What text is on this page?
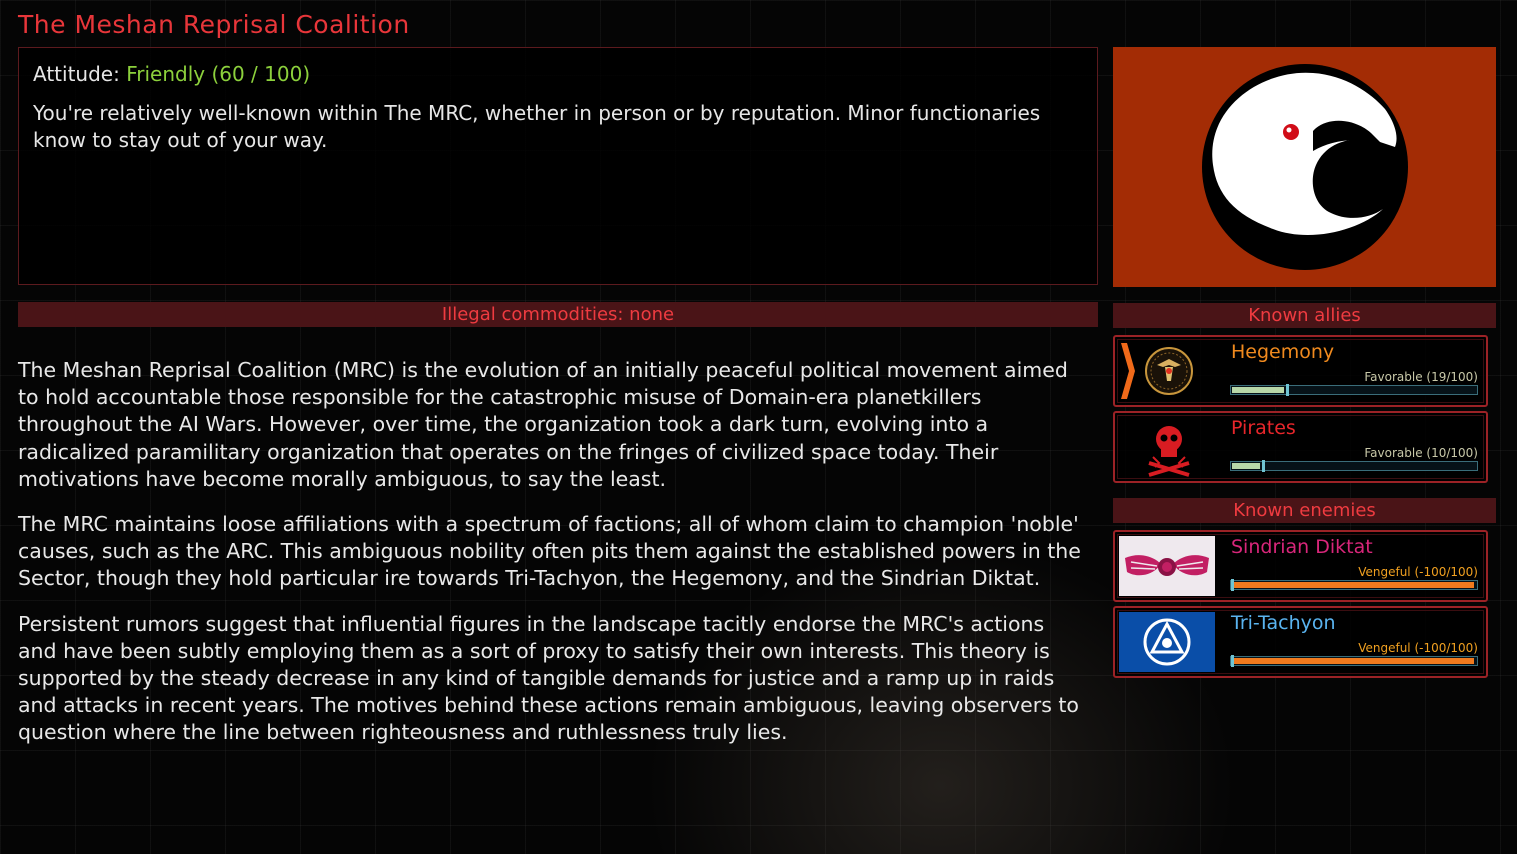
The Meshan Reprisal Coalition
Attitude: Friendly (60 / 100)
You're relatively well-known within The MRC, whether in person or by reputation. Minor functionaries know to stay out of your way.
Illegal commodities: none

The Meshan Reprisal Coalition (MRC) is the evolution of an initially peaceful political movement aimed to hold accountable those responsible for the catastrophic misuse of Domain-era planetkillers throughout the AI Wars. However, over time, the organization took a dark turn, evolving into a radicalized paramilitary organization that operates on the fringes of civilized space today. Their motivations have become morally ambiguous, to say the least.

The MRC maintains loose affiliations with a spectrum of factions; all of whom claim to champion 'noble' causes, such as the ARC. This ambiguous nobility often pits them against the established powers in the Sector, though they hold particular ire towards Tri-Tachyon, the Hegemony, and the Sindrian Diktat.

Persistent rumors suggest that influential figures in the landscape tacitly endorse the MRC's actions and have been subtly employing them as a sort of proxy to satisfy their own interests. This theory is supported by the steady decrease in any kind of tangible demands for justice and a ramp up in raids and attacks in recent years. The motives behind these actions remain ambiguous, leaving observers to question where the line between righteousness and ruthlessness truly lies.

Known allies
Hegemony
Favorable (19/100)
Pirates
Favorable (10/100)
Known enemies
Sindrian Diktat
Vengeful (-100/100)
Tri-Tachyon
Vengeful (-100/100)
